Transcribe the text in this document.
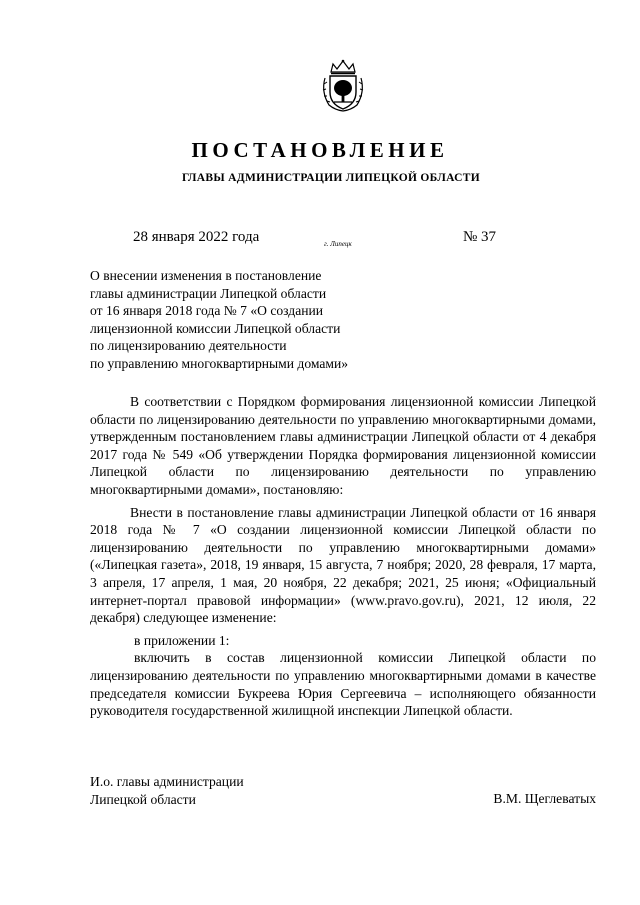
ПОСТАНОВЛЕНИЕ
ГЛАВЫ АДМИНИСТРАЦИИ ЛИПЕЦКОЙ ОБЛАСТИ
28 января 2022 года	г. Липецк	№ 37
О внесении изменения в постановление
главы администрации Липецкой области
от 16 января 2018 года № 7 «О создании
лицензионной комиссии Липецкой области
по лицензированию деятельности
по управлению многоквартирными домами»

В соответствии с Порядком формирования лицензионной комиссии Липецкой области по лицензированию деятельности по управлению многоквартирными домами, утвержденным постановлением главы администрации Липецкой области от 4 декабря 2017 года № 549 «Об утверждении Порядка формирования лицензионной комиссии Липецкой области по лицензированию деятельности по управлению многоквартирными домами», постановляю:

Внести в постановление главы администрации Липецкой области от 16 января 2018 года № 7 «О создании лицензионной комиссии Липецкой области по лицензированию деятельности по управлению многоквартирными домами» («Липецкая газета», 2018, 19 января, 15 августа, 7 ноября; 2020, 28 февраля, 17 марта, 3 апреля, 17 апреля, 1 мая, 20 ноября, 22 декабря; 2021, 25 июня; «Официальный интернет-портал правовой информации» (www.pravo.gov.ru), 2021, 12 июля, 22 декабря) следующее изменение:

в приложении 1:

включить в состав лицензионной комиссии Липецкой области по лицензированию деятельности по управлению многоквартирными домами в качестве председателя комиссии Букреева Юрия Сергеевича – исполняющего обязанности руководителя государственной жилищной инспекции Липецкой области.

И.о. главы администрации
Липецкой области	В.М. Щеглеватых
